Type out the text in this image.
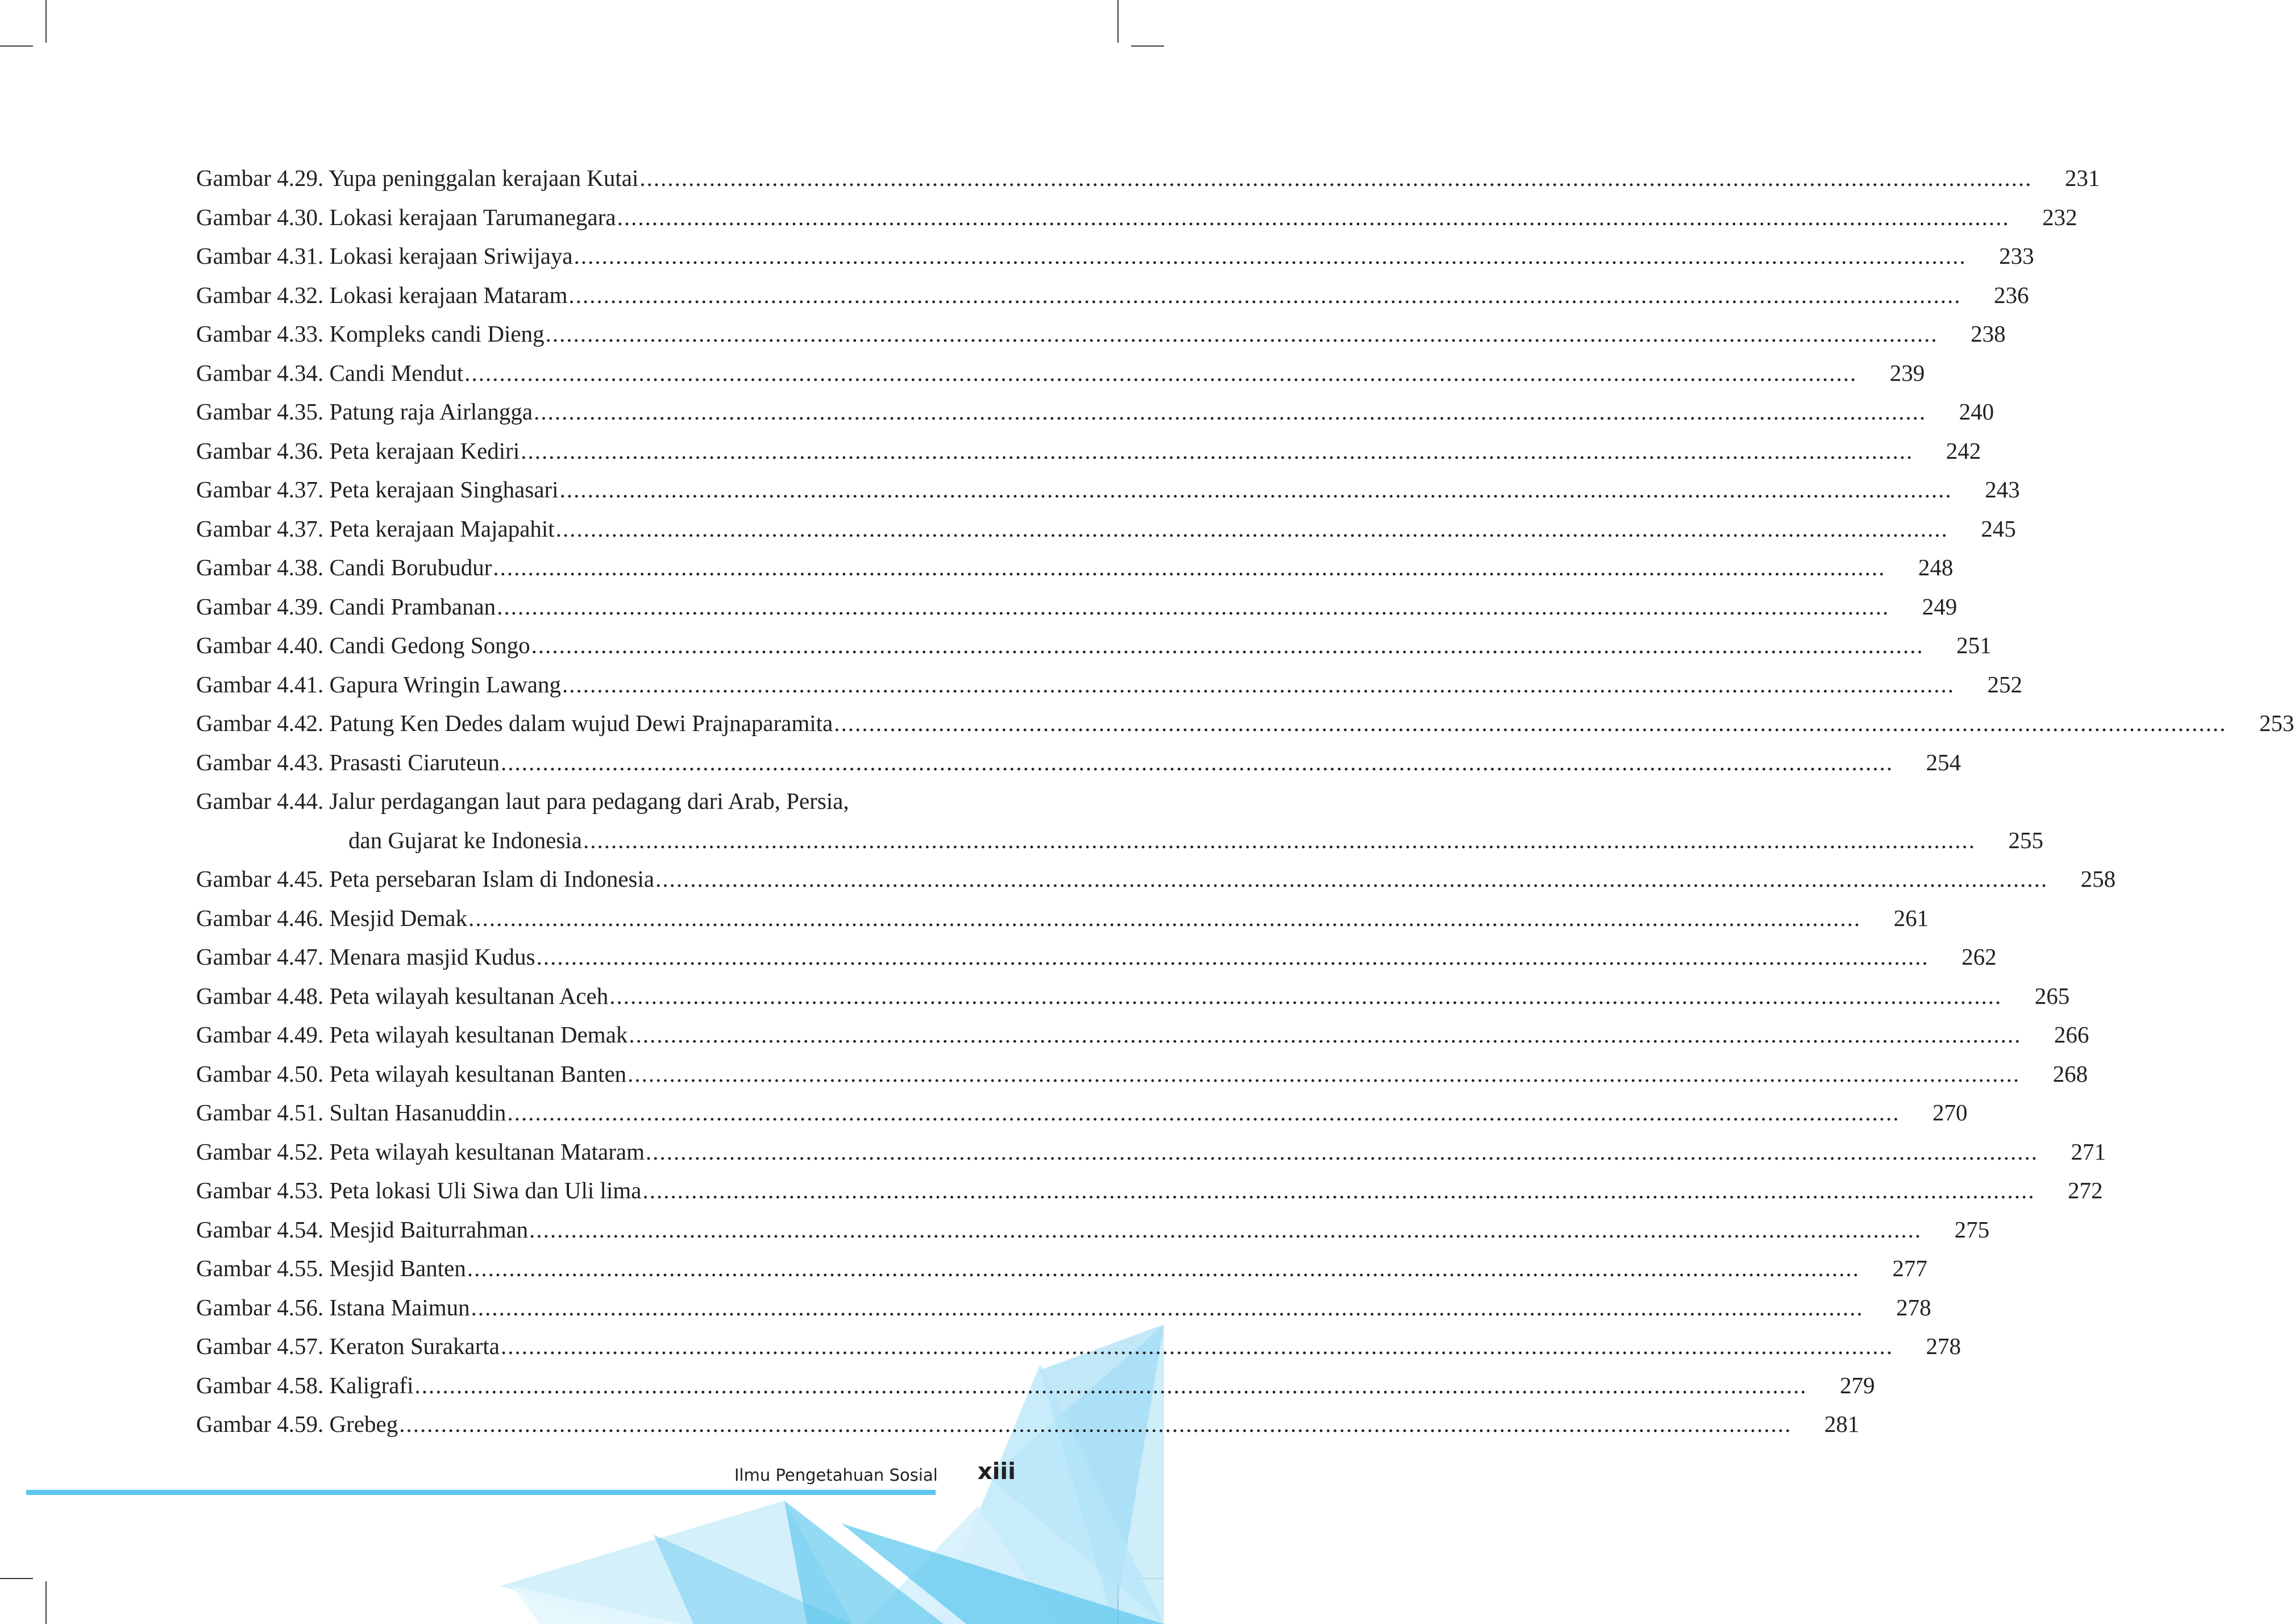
Gambar 4.29. Yupa peninggalan kerajaan Kutai ........................................................................................................................................................................................................	231
Gambar 4.30. Lokasi kerajaan Tarumanegara ........................................................................................................................................................................................................	232
Gambar 4.31. Lokasi kerajaan Sriwijaya ........................................................................................................................................................................................................	233
Gambar 4.32. Lokasi kerajaan Mataram ........................................................................................................................................................................................................	236
Gambar 4.33. Kompleks candi Dieng ........................................................................................................................................................................................................	238
Gambar 4.34. Candi Mendut ........................................................................................................................................................................................................	239
Gambar 4.35. Patung raja Airlangga ........................................................................................................................................................................................................	240
Gambar 4.36. Peta kerajaan Kediri ........................................................................................................................................................................................................	242
Gambar 4.37. Peta kerajaan Singhasari ........................................................................................................................................................................................................	243
Gambar 4.37. Peta kerajaan Majapahit ........................................................................................................................................................................................................	245
Gambar 4.38. Candi Borubudur ........................................................................................................................................................................................................	248
Gambar 4.39. Candi Prambanan ........................................................................................................................................................................................................	249
Gambar 4.40. Candi Gedong Songo ........................................................................................................................................................................................................	251
Gambar 4.41. Gapura Wringin Lawang ........................................................................................................................................................................................................	252
Gambar 4.42. Patung Ken Dedes dalam wujud Dewi Prajnaparamita ........................................................................................................................................................................................................	253
Gambar 4.43. Prasasti Ciaruteun ........................................................................................................................................................................................................	254
Gambar 4.44. Jalur perdagangan laut para pedagang dari Arab, Persia,
dan Gujarat ke Indonesia ........................................................................................................................................................................................................	255
Gambar 4.45. Peta persebaran Islam di Indonesia ........................................................................................................................................................................................................	258
Gambar 4.46. Mesjid Demak ........................................................................................................................................................................................................	261
Gambar 4.47. Menara masjid Kudus ........................................................................................................................................................................................................	262
Gambar 4.48. Peta wilayah kesultanan Aceh ........................................................................................................................................................................................................	265
Gambar 4.49. Peta wilayah kesultanan Demak ........................................................................................................................................................................................................	266
Gambar 4.50. Peta wilayah kesultanan Banten ........................................................................................................................................................................................................	268
Gambar 4.51. Sultan Hasanuddin ........................................................................................................................................................................................................	270
Gambar 4.52. Peta wilayah kesultanan Mataram ........................................................................................................................................................................................................	271
Gambar 4.53. Peta lokasi Uli Siwa dan Uli lima ........................................................................................................................................................................................................	272
Gambar 4.54. Mesjid Baiturrahman ........................................................................................................................................................................................................	275
Gambar 4.55. Mesjid Banten ........................................................................................................................................................................................................	277
Gambar 4.56. Istana Maimun ........................................................................................................................................................................................................	278
Gambar 4.57. Keraton Surakarta ........................................................................................................................................................................................................	278
Gambar 4.58. Kaligrafi ........................................................................................................................................................................................................	279
Gambar 4.59. Grebeg ........................................................................................................................................................................................................	281
Ilmu Pengetahuan Sosial xiii
